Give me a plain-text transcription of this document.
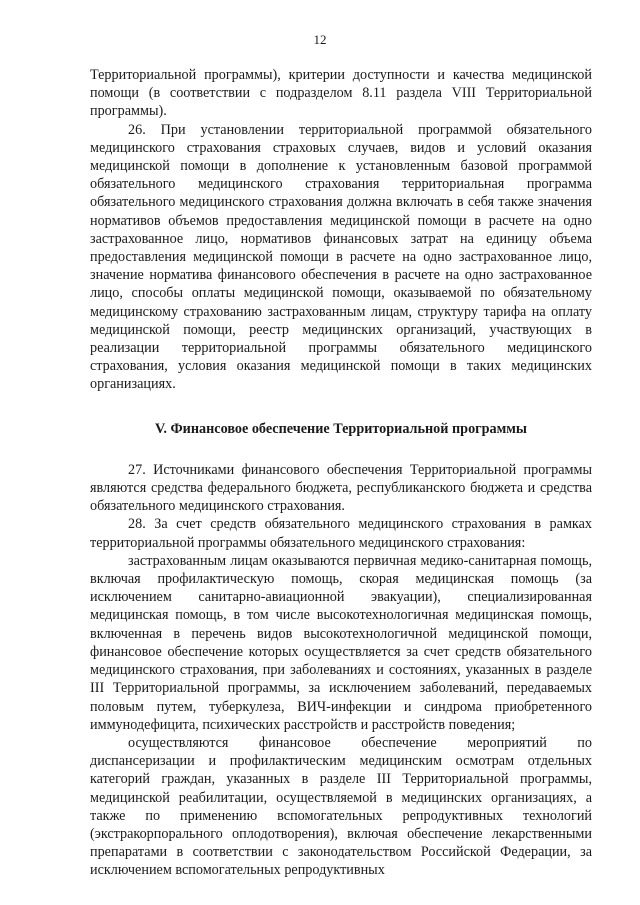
12

Территориальной программы), критерии доступности и качества медицинской помощи (в соответствии с подразделом 8.11 раздела VIII Территориальной программы).

26. При установлении территориальной программой обязательного медицинского страхования страховых случаев, видов и условий оказания медицинской помощи в дополнение к установленным базовой программой обязательного медицинского страхования территориальная программа обязательного медицинского страхования должна включать в себя также значения нормативов объемов предоставления медицинской помощи в расчете на одно застрахованное лицо, нормативов финансовых затрат на единицу объема предоставления медицинской помощи в расчете на одно застрахованное лицо, значение норматива финансового обеспечения в расчете на одно застрахованное лицо, способы оплаты медицинской помощи, оказываемой по обязательному медицинскому страхованию застрахованным лицам, структуру тарифа на оплату медицинской помощи, реестр медицинских организаций, участвующих в реализации территориальной программы обязательного медицинского страхования, условия оказания медицинской помощи в таких медицинских организациях.

V. Финансовое обеспечение Территориальной программы

27. Источниками финансового обеспечения Территориальной программы являются средства федерального бюджета, республиканского бюджета и средства обязательного медицинского страхования.

28. За счет средств обязательного медицинского страхования в рамках территориальной программы обязательного медицинского страхования:

застрахованным лицам оказываются первичная медико-санитарная помощь, включая профилактическую помощь, скорая медицинская помощь (за исключением санитарно-авиационной эвакуации), специализированная медицинская помощь, в том числе высокотехнологичная медицинская помощь, включенная в перечень видов высокотехнологичной медицинской помощи, финансовое обеспечение которых осуществляется за счет средств обязательного медицинского страхования, при заболеваниях и состояниях, указанных в разделе III Территориальной программы, за исключением заболеваний, передаваемых половым путем, туберкулеза, ВИЧ-инфекции и синдрома приобретенного иммунодефицита, психических расстройств и расстройств поведения;

осуществляются финансовое обеспечение мероприятий по диспансеризации и профилактическим медицинским осмотрам отдельных категорий граждан, указанных в разделе III Территориальной программы, медицинской реабилитации, осуществляемой в медицинских организациях, а также по применению вспомогательных репродуктивных технологий (экстракорпорального оплодотворения), включая обеспечение лекарственными препаратами в соответствии с законодательством Российской Федерации, за исключением вспомогательных репродуктивных
